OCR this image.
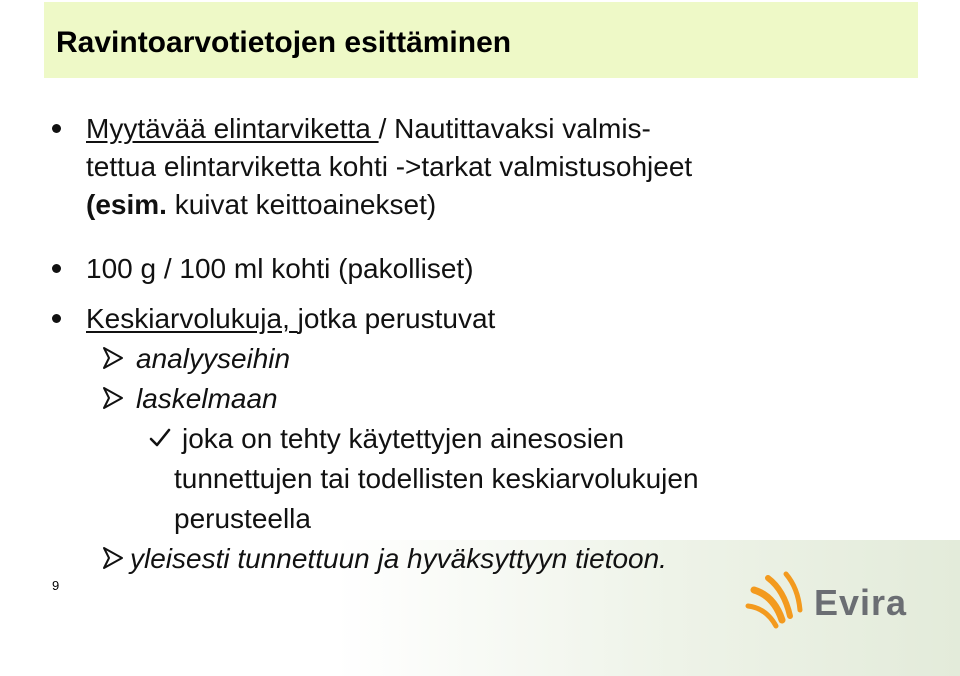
Ravintoarvotietojen esittäminen
Myytävää elintarviketta / Nautittavaksi valmis-
tettua elintarviketta kohti ->tarkat valmistusohjeet
(esim. kuivat keittoainekset)
100 g / 100 ml kohti (pakolliset)
Keskiarvolukuja, jotka perustuvat
analyyseihin
laskelmaan
joka on tehty käytettyjen ainesosien
tunnettujen tai todellisten keskiarvolukujen
perusteella
yleisesti tunnettuun ja hyväksyttyyn tietoon.
9	Evira
